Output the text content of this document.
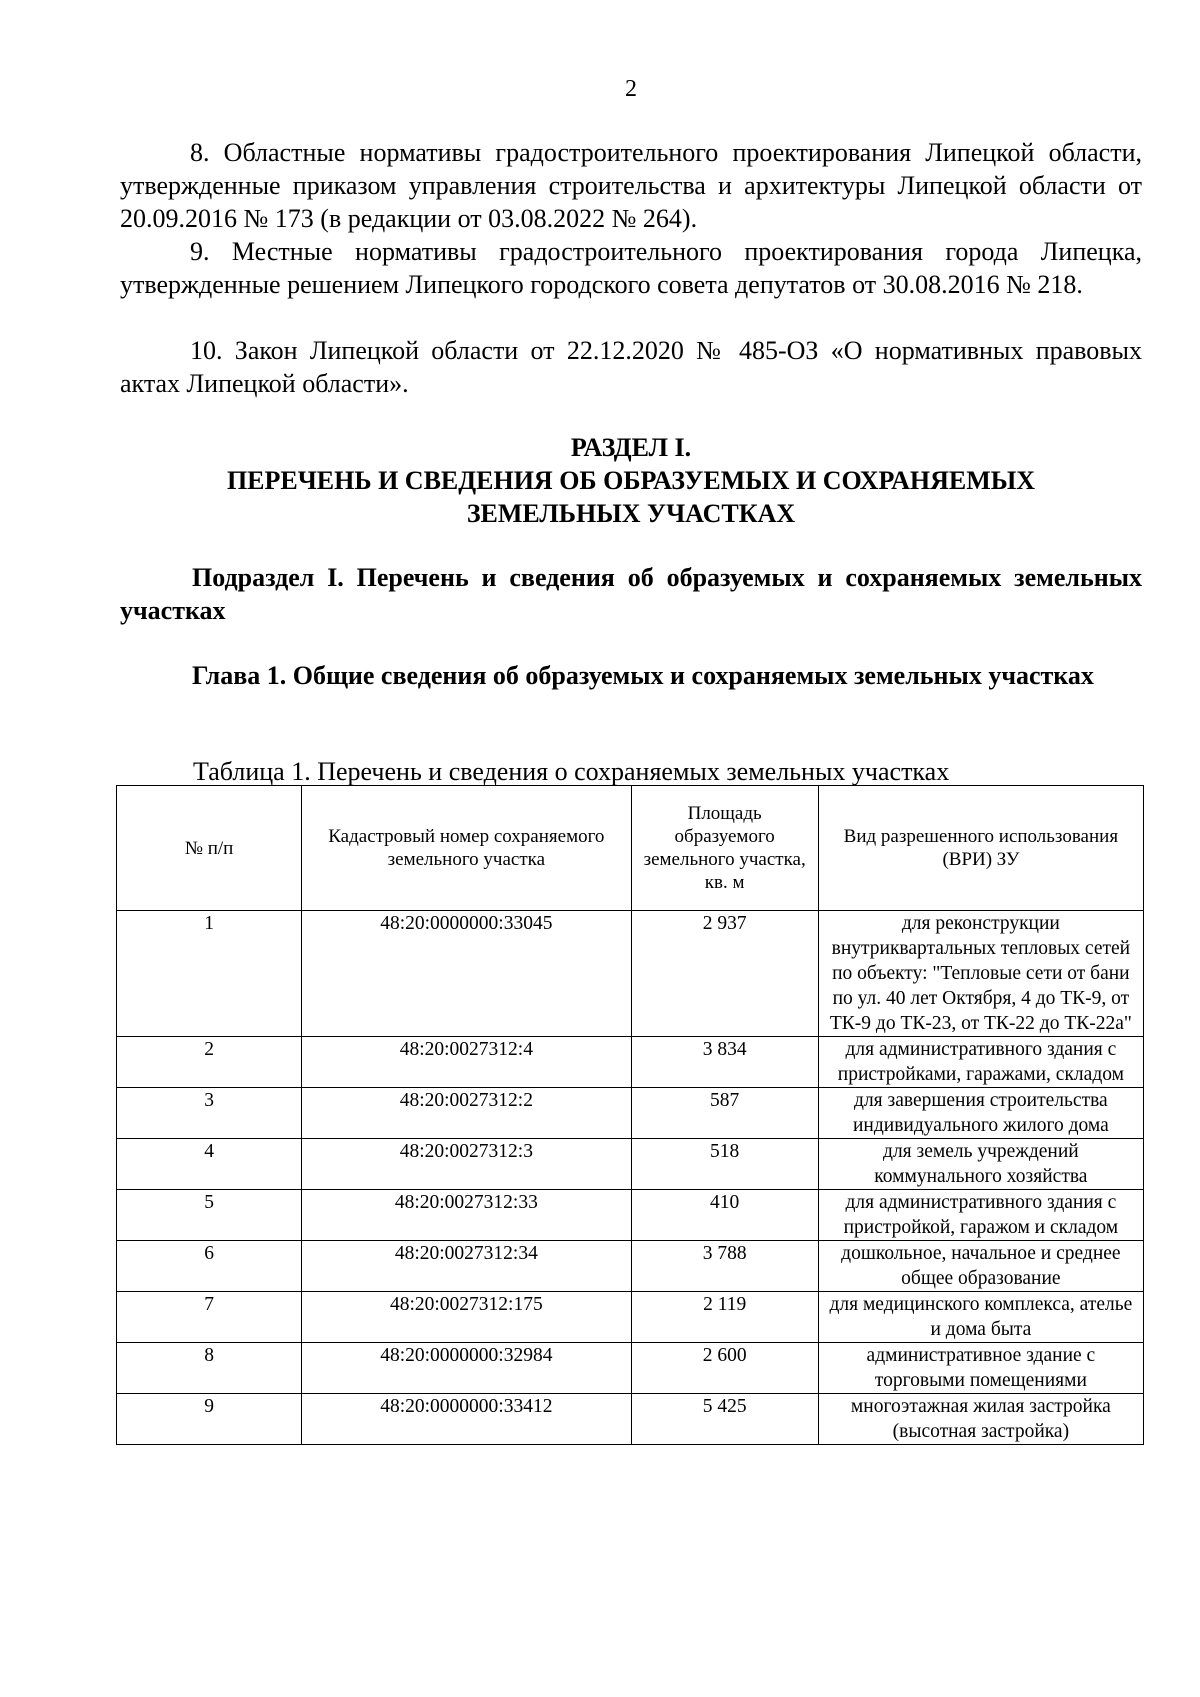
2

8. Областные нормативы градостроительного проектирования Липецкой области, утвержденные приказом управления строительства и архитектуры Липецкой области от 20.09.2016 № 173 (в редакции от 03.08.2022 № 264).

9. Местные нормативы градостроительного проектирования города Липецка, утвержденные решением Липецкого городского совета депутатов от 30.08.2016 № 218.

10. Закон Липецкой области от 22.12.2020 № 485-ОЗ «О нормативных правовых актах Липецкой области».

РАЗДЕЛ I.
ПЕРЕЧЕНЬ И СВЕДЕНИЯ ОБ ОБРАЗУЕМЫХ И СОХРАНЯЕМЫХ
ЗЕМЕЛЬНЫХ УЧАСТКАХ

Подраздел I. Перечень и сведения об образуемых и сохраняемых земельных участках

Глава 1. Общие сведения об образуемых и сохраняемых земельных участках

Таблица 1. Перечень и сведения о сохраняемых земельных участках

№ п/п	Кадастровый номер сохраняемого земельного участка	Площадь образуемого земельного участка, кв. м	Вид разрешенного использования (ВРИ) ЗУ
1	48:20:0000000:33045	2 937	для реконструкции внутриквартальных тепловых сетей по объекту: "Тепловые сети от бани по ул. 40 лет Октября, 4 до ТК-9, от ТК-9 до ТК-23, от ТК-22 до ТК-22а"
2	48:20:0027312:4	3 834	для административного здания с пристройками, гаражами, складом
3	48:20:0027312:2	587	для завершения строительства индивидуального жилого дома
4	48:20:0027312:3	518	для земель учреждений коммунального хозяйства
5	48:20:0027312:33	410	для административного здания с пристройкой, гаражом и складом
6	48:20:0027312:34	3 788	дошкольное, начальное и среднее общее образование
7	48:20:0027312:175	2 119	для медицинского комплекса, ателье и дома быта
8	48:20:0000000:32984	2 600	административное здание с торговыми помещениями
9	48:20:0000000:33412	5 425	многоэтажная жилая застройка (высотная застройка)
